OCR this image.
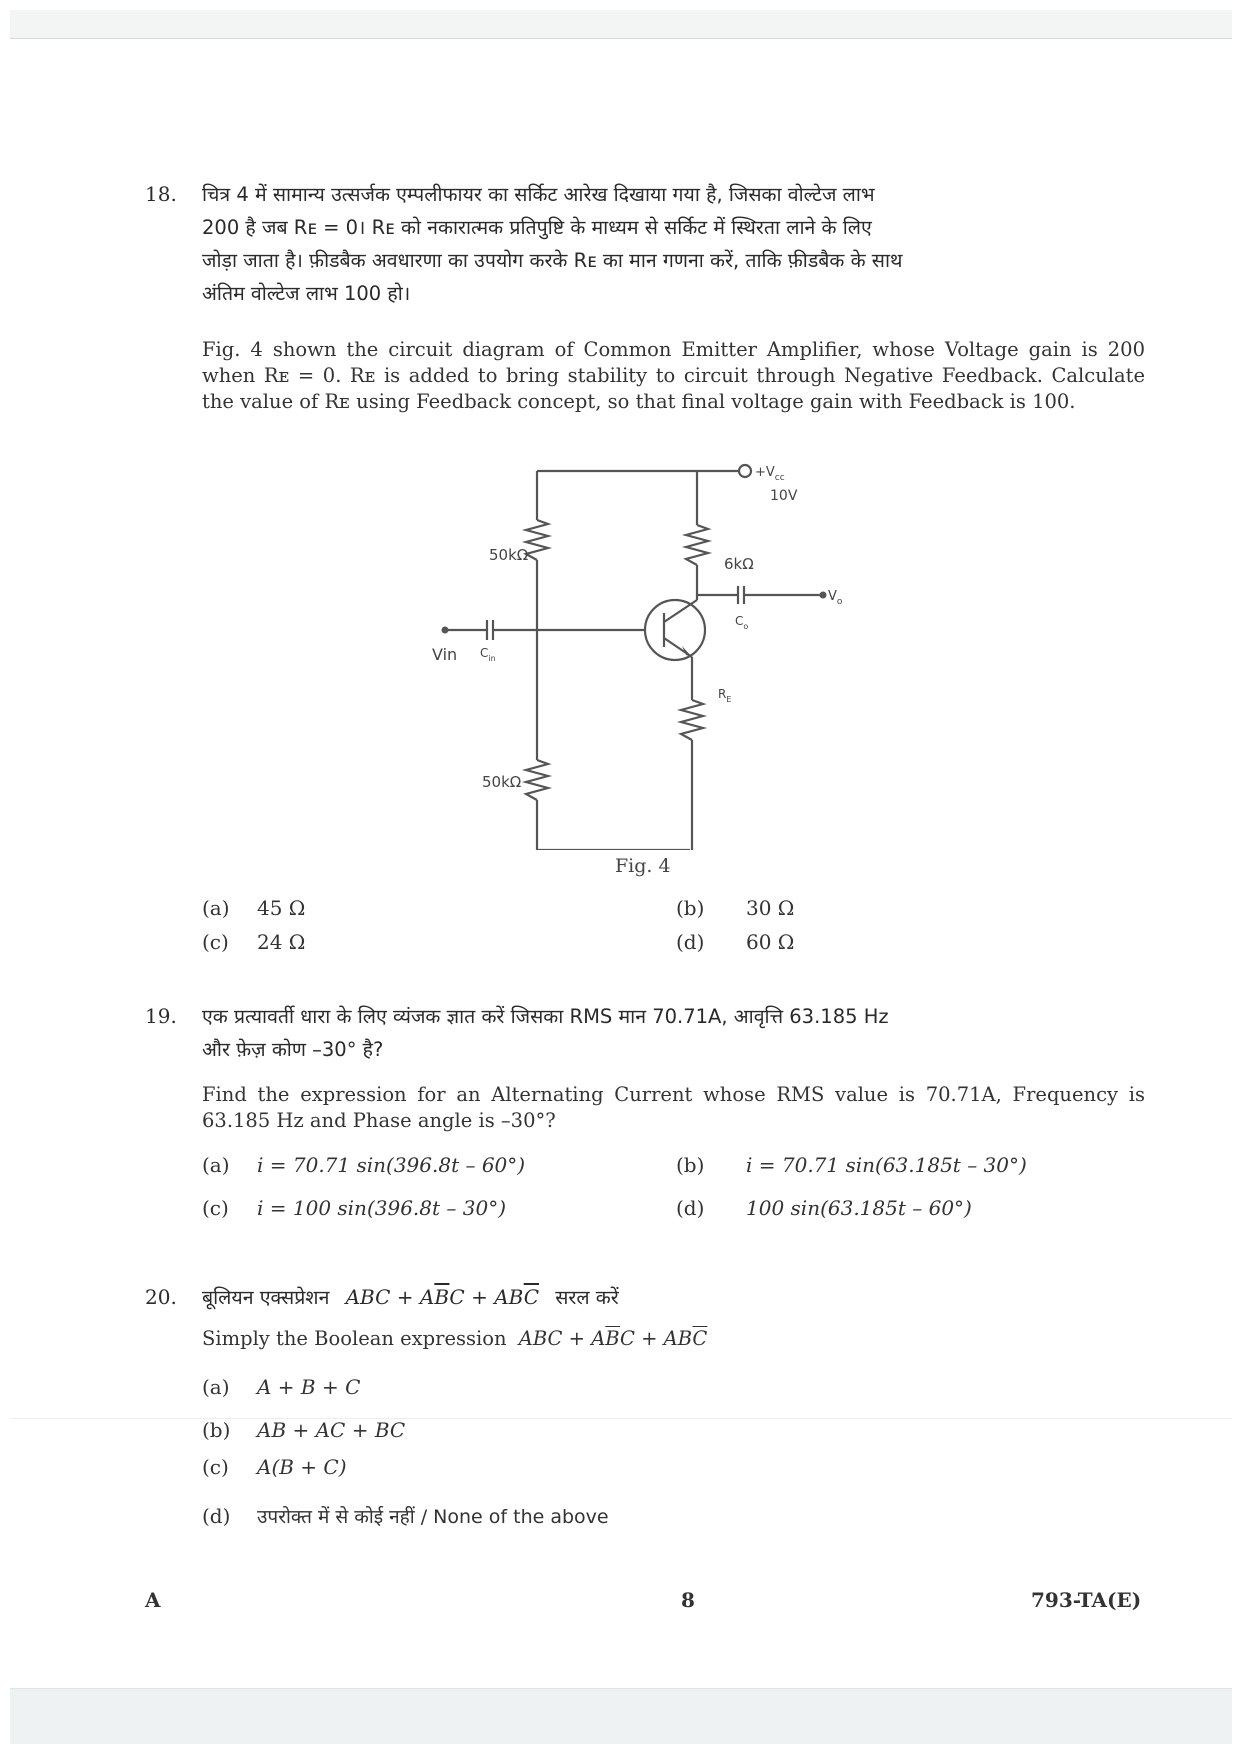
18. चित्र 4 में सामान्य उत्सर्जक एम्पलीफायर का सर्किट आरेख दिखाया गया है, जिसका वोल्टेज लाभ
200 है जब Rᴇ = 0। Rᴇ को नकारात्मक प्रतिपुष्टि के माध्यम से सर्किट में स्थिरता लाने के लिए
जोड़ा जाता है। फ़ीडबैक अवधारणा का उपयोग करके Rᴇ का मान गणना करें, ताकि फ़ीडबैक के साथ
अंतिम वोल्टेज लाभ 100 हो।
Fig. 4 shown the circuit diagram of Common Emitter Amplifier, whose Voltage gain is 200 when Rᴇ = 0. Rᴇ is added to bring stability to circuit through Negative Feedback. Calculate the value of Rᴇ using Feedback concept, so that final voltage gain with Feedback is 100.
$+V_{cc}$
10V
50kΩ	6kΩ
$V_o$
$C_o$
Vin $C_{in}$
$R_E$
50kΩ
Fig. 4
(a) 45 Ω	(b) 30 Ω
(c) 24 Ω	(d) 60 Ω
19. एक प्रत्यावर्ती धारा के लिए व्यंजक ज्ञात करें जिसका RMS मान 70.71A, आवृत्ति 63.185 Hz
और फ़ेज़ कोण –30° है?
Find the expression for an Alternating Current whose RMS value is 70.71A, Frequency is 63.185 Hz and Phase angle is –30°?
(a) i = 70.71 sin(396.8t – 60°)	(b) i = 70.71 sin(63.185t – 30°)
(c) i = 100 sin(396.8t – 30°)	(d) 100 sin(63.185t – 60°)
20. बूलियन एक्सप्रेशन ABC + $A\overline{B}C + AB\overline{C}$ सरल करें
Simply the Boolean expression ABC + $A\overline{B}C + AB\overline{C}$
(a) A + B + C
(b) AB + AC + BC
(c) A(B + C)
(d) उपरोक्त में से कोई नहीं / None of the above
A	8	793-TA(E)
